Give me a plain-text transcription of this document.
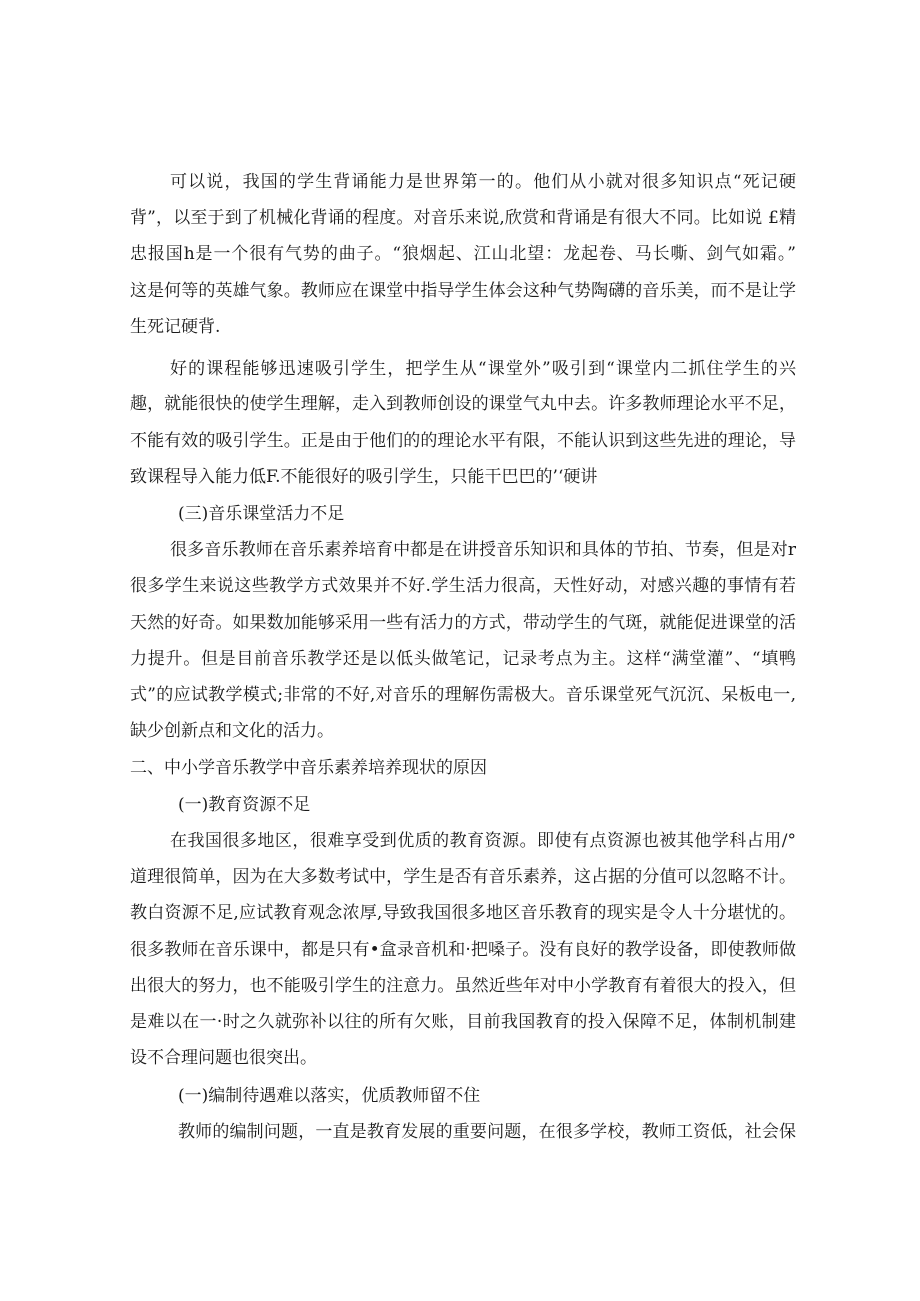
可以说，我国的学生背诵能力是世界第一的。他们从小就对很多知识点“死记硬
背”，以至于到了机械化背诵的程度。对音乐来说,欣赏和背诵是有很大不同。比如说 £精
忠报国h是一个很有气势的曲子。“狼烟起、江山北望：龙起卷、马长嘶、剑气如霜。”
这是何等的英雄气象。教师应在课堂中指导学生体会这种气势陶礴的音乐美，而不是让学
生死记硬背.
好的课程能够迅速吸引学生，把学生从“课堂外”吸引到“课堂内二抓住学生的兴
趣，就能很快的使学生理解，走入到教师创设的课堂气丸中去。许多教师理论水平不足，
不能有效的吸引学生。正是由于他们的的理论水平有限，不能认识到这些先进的理论，导
致课程导入能力低F.不能很好的吸引学生，只能干巴巴的’‘硬讲
(三)音乐课堂活力不足
很多音乐教师在音乐素养培育中都是在讲授音乐知识和具体的节拍、节奏，但是对r
很多学生来说这些教学方式效果并不好.学生活力很高，天性好动，对感兴趣的事情有若
天然的好奇。如果数加能够采用一些有活力的方式，带动学生的气斑，就能促进课堂的活
力提升。但是目前音乐教学还是以低头做笔记，记录考点为主。这样“满堂灌”、“填鸭
式”的应试教学模式;非常的不好,对音乐的理解伤需极大。音乐课堂死气沉沉、呆板电一,
缺少创新点和文化的活力。
二、中小学音乐教学中音乐素养培养现状的原因
(一)教育资源不足
在我国很多地区，很难享受到优质的教育资源。即使有点资源也被其他学科占用/°
道理很简单，因为在大多数考试中，学生是否有音乐素养，这占据的分值可以忽略不计。
教白资源不足,应试教育观念浓厚,导致我国很多地区音乐教育的现实是令人十分堪忧的。
很多教师在音乐课中，都是只有•盒录音机和·把嗓子。没有良好的教学设备，即使教师做
出很大的努力，也不能吸引学生的注意力。虽然近些年对中小学教育有着很大的投入，但
是难以在一·时之久就弥补以往的所有欠账，目前我国教育的投入保障不足，体制机制建
设不合理问题也很突出。
(一)编制待遇难以落实，优质教师留不住
教师的编制问题，一直是教育发展的重要问题，在很多学校，教师工资低，社会保
